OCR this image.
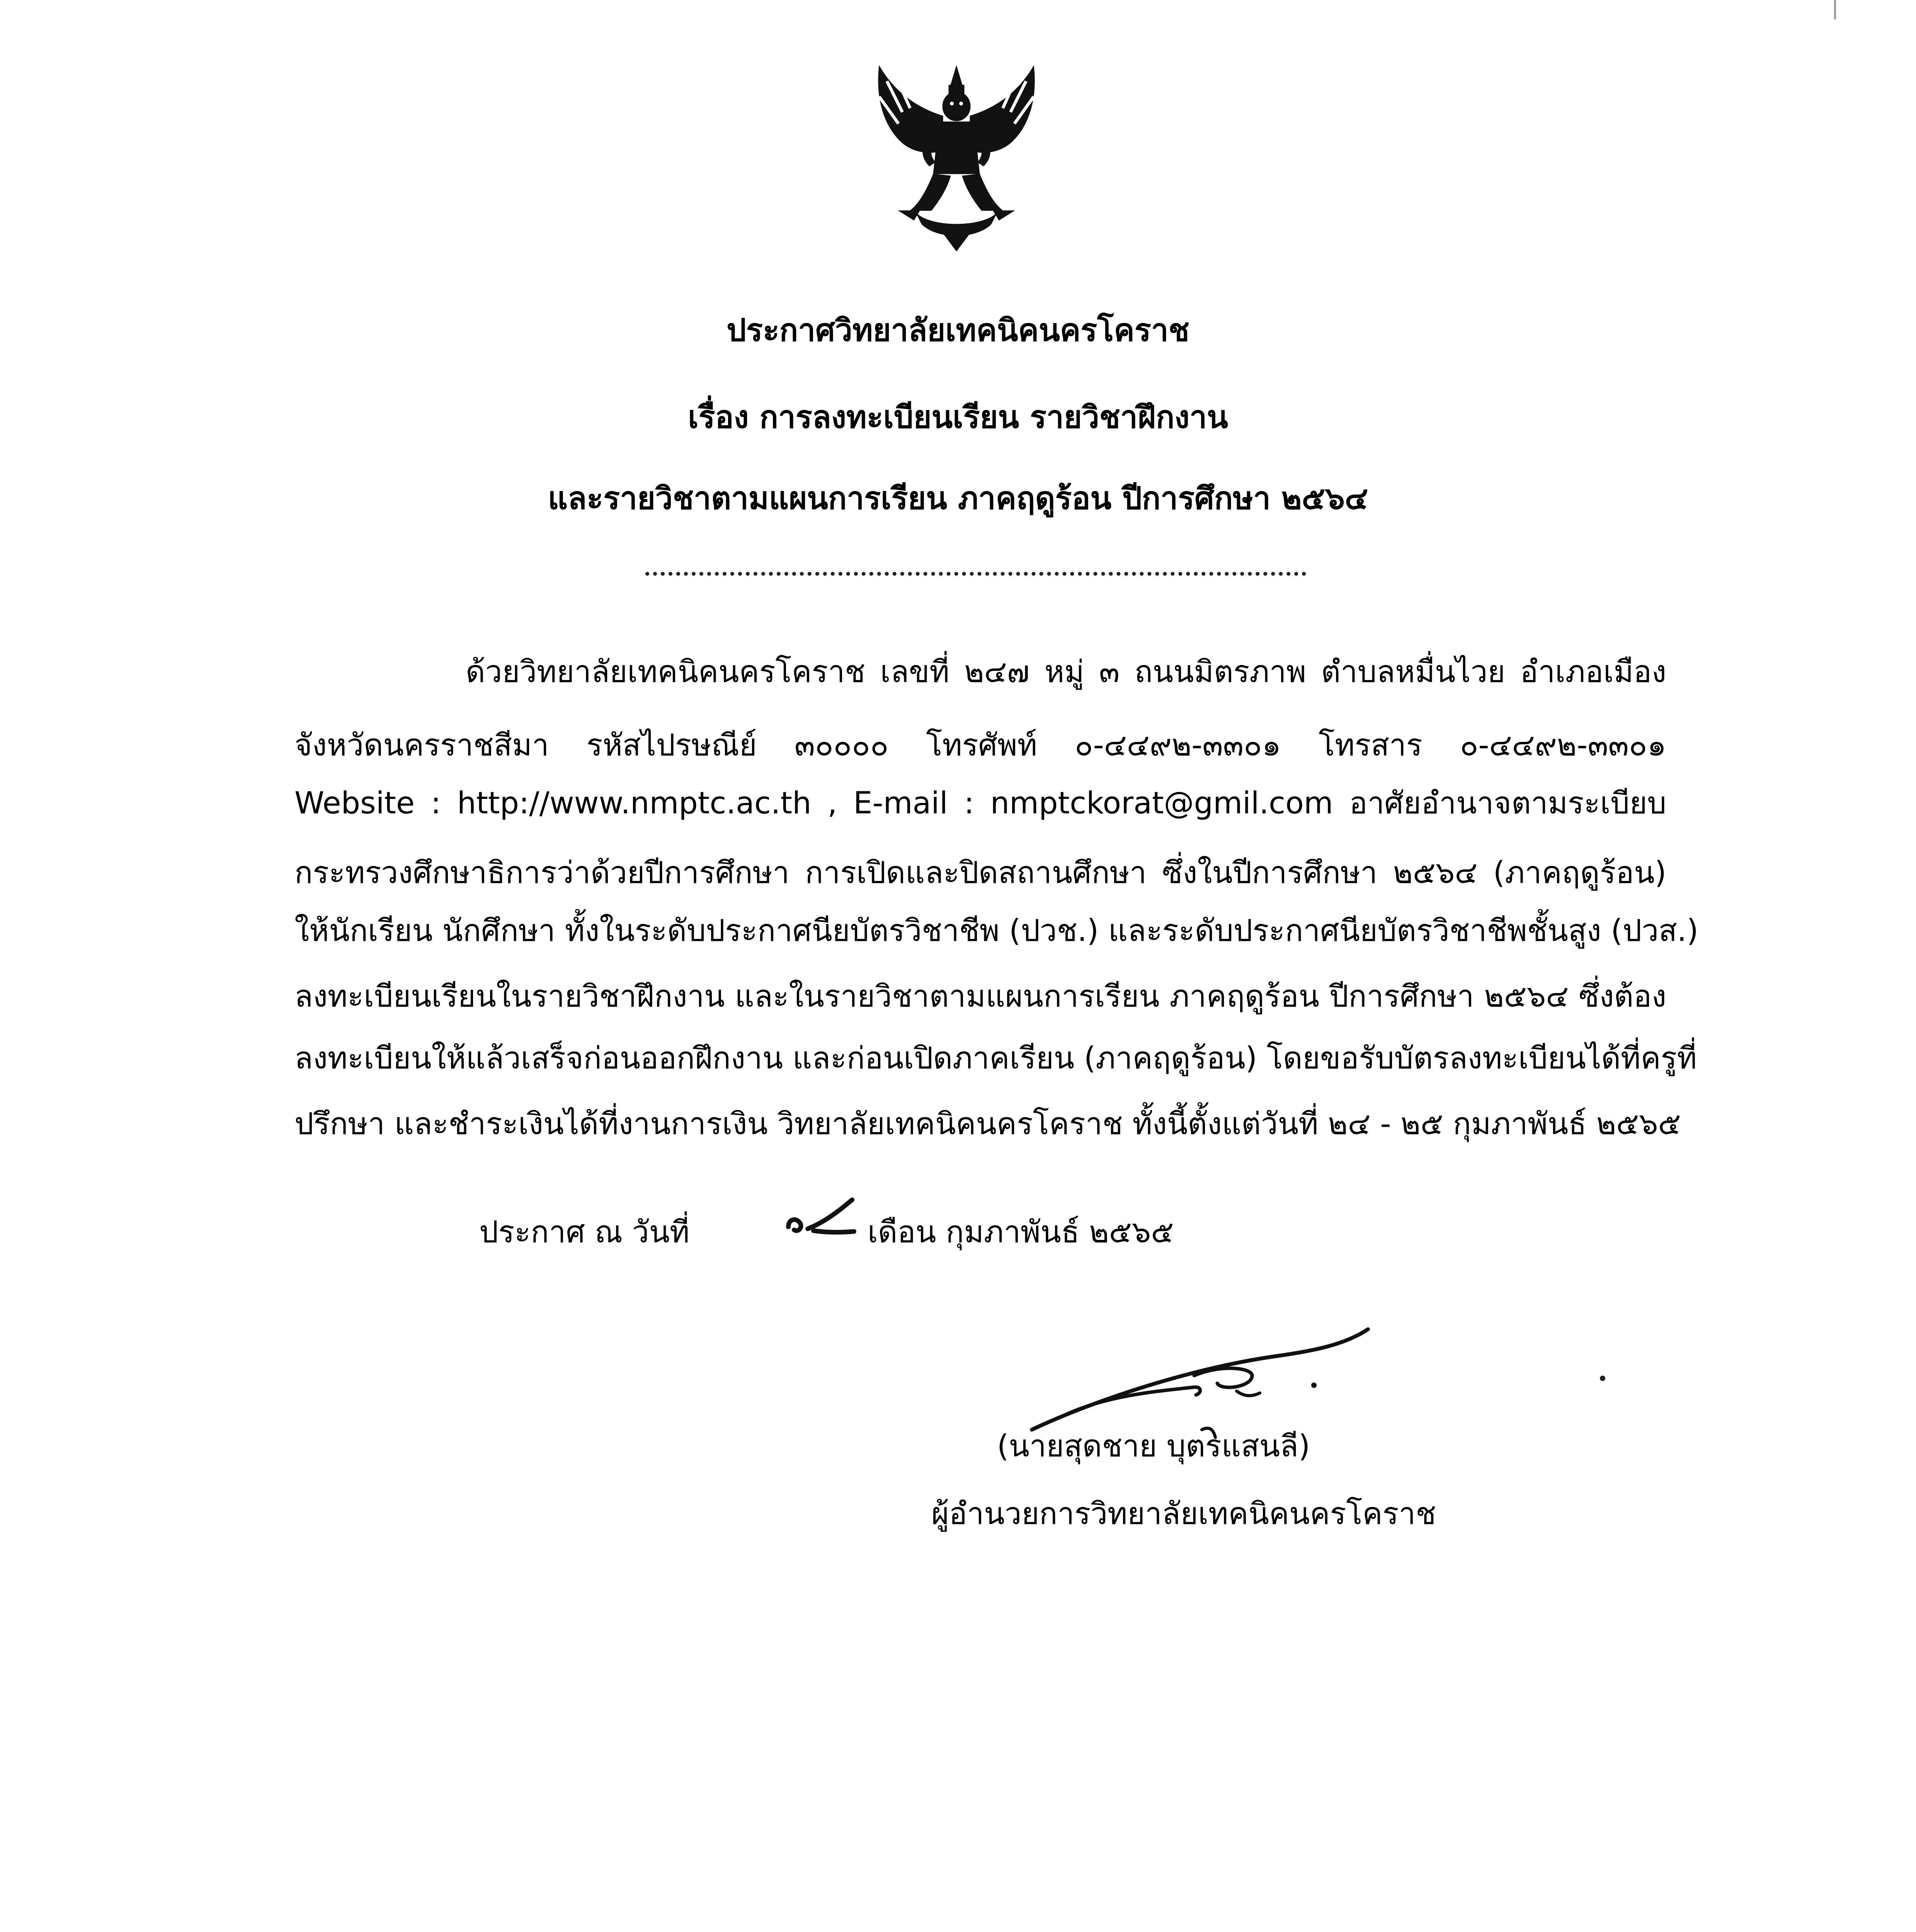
ประกาศวิทยาลัยเทคนิคนครโคราช
เรื่อง การลงทะเบียนเรียน รายวิชาฝึกงาน
และรายวิชาตามแผนการเรียน ภาคฤดูร้อน ปีการศึกษา ๒๕๖๔
ด้วยวิทยาลัยเทคนิคนครโคราช เลขที่ ๒๔๗ หมู่ ๓ ถนนมิตรภาพ ตำบลหมื่นไวย อำเภอเมือง
จังหวัดนครราชสีมา รหัสไปรษณีย์ ๓๐๐๐๐ โทรศัพท์ ๐-๔๔๙๒-๓๓๐๑ โทรสาร ๐-๔๔๙๒-๓๓๐๑
Website : http://www.nmptc.ac.th , E-mail : nmptckorat@gmil.com อาศัยอำนาจตามระเบียบ
กระทรวงศึกษาธิการว่าด้วยปีการศึกษา การเปิดและปิดสถานศึกษา ซึ่งในปีการศึกษา ๒๕๖๔ (ภาคฤดูร้อน)
ให้นักเรียน นักศึกษา ทั้งในระดับประกาศนียบัตรวิชาชีพ (ปวช.) และระดับประกาศนียบัตรวิชาชีพชั้นสูง (ปวส.)
ลงทะเบียนเรียนในรายวิชาฝึกงาน และในรายวิชาตามแผนการเรียน ภาคฤดูร้อน ปีการศึกษา ๒๕๖๔ ซึ่งต้อง
ลงทะเบียนให้แล้วเสร็จก่อนออกฝึกงาน และก่อนเปิดภาคเรียน (ภาคฤดูร้อน) โดยขอรับบัตรลงทะเบียนได้ที่ครูที่
ปรึกษา และชำระเงินได้ที่งานการเงิน วิทยาลัยเทคนิคนครโคราช ทั้งนี้ตั้งแต่วันที่ ๒๔ - ๒๕ กุมภาพันธ์ ๒๕๖๕
ประกาศ ณ วันที่	เดือน กุมภาพันธ์ ๒๕๖๕
(นายสุดชาย บุตรแสนลี)
ผู้อำนวยการวิทยาลัยเทคนิคนครโคราช
